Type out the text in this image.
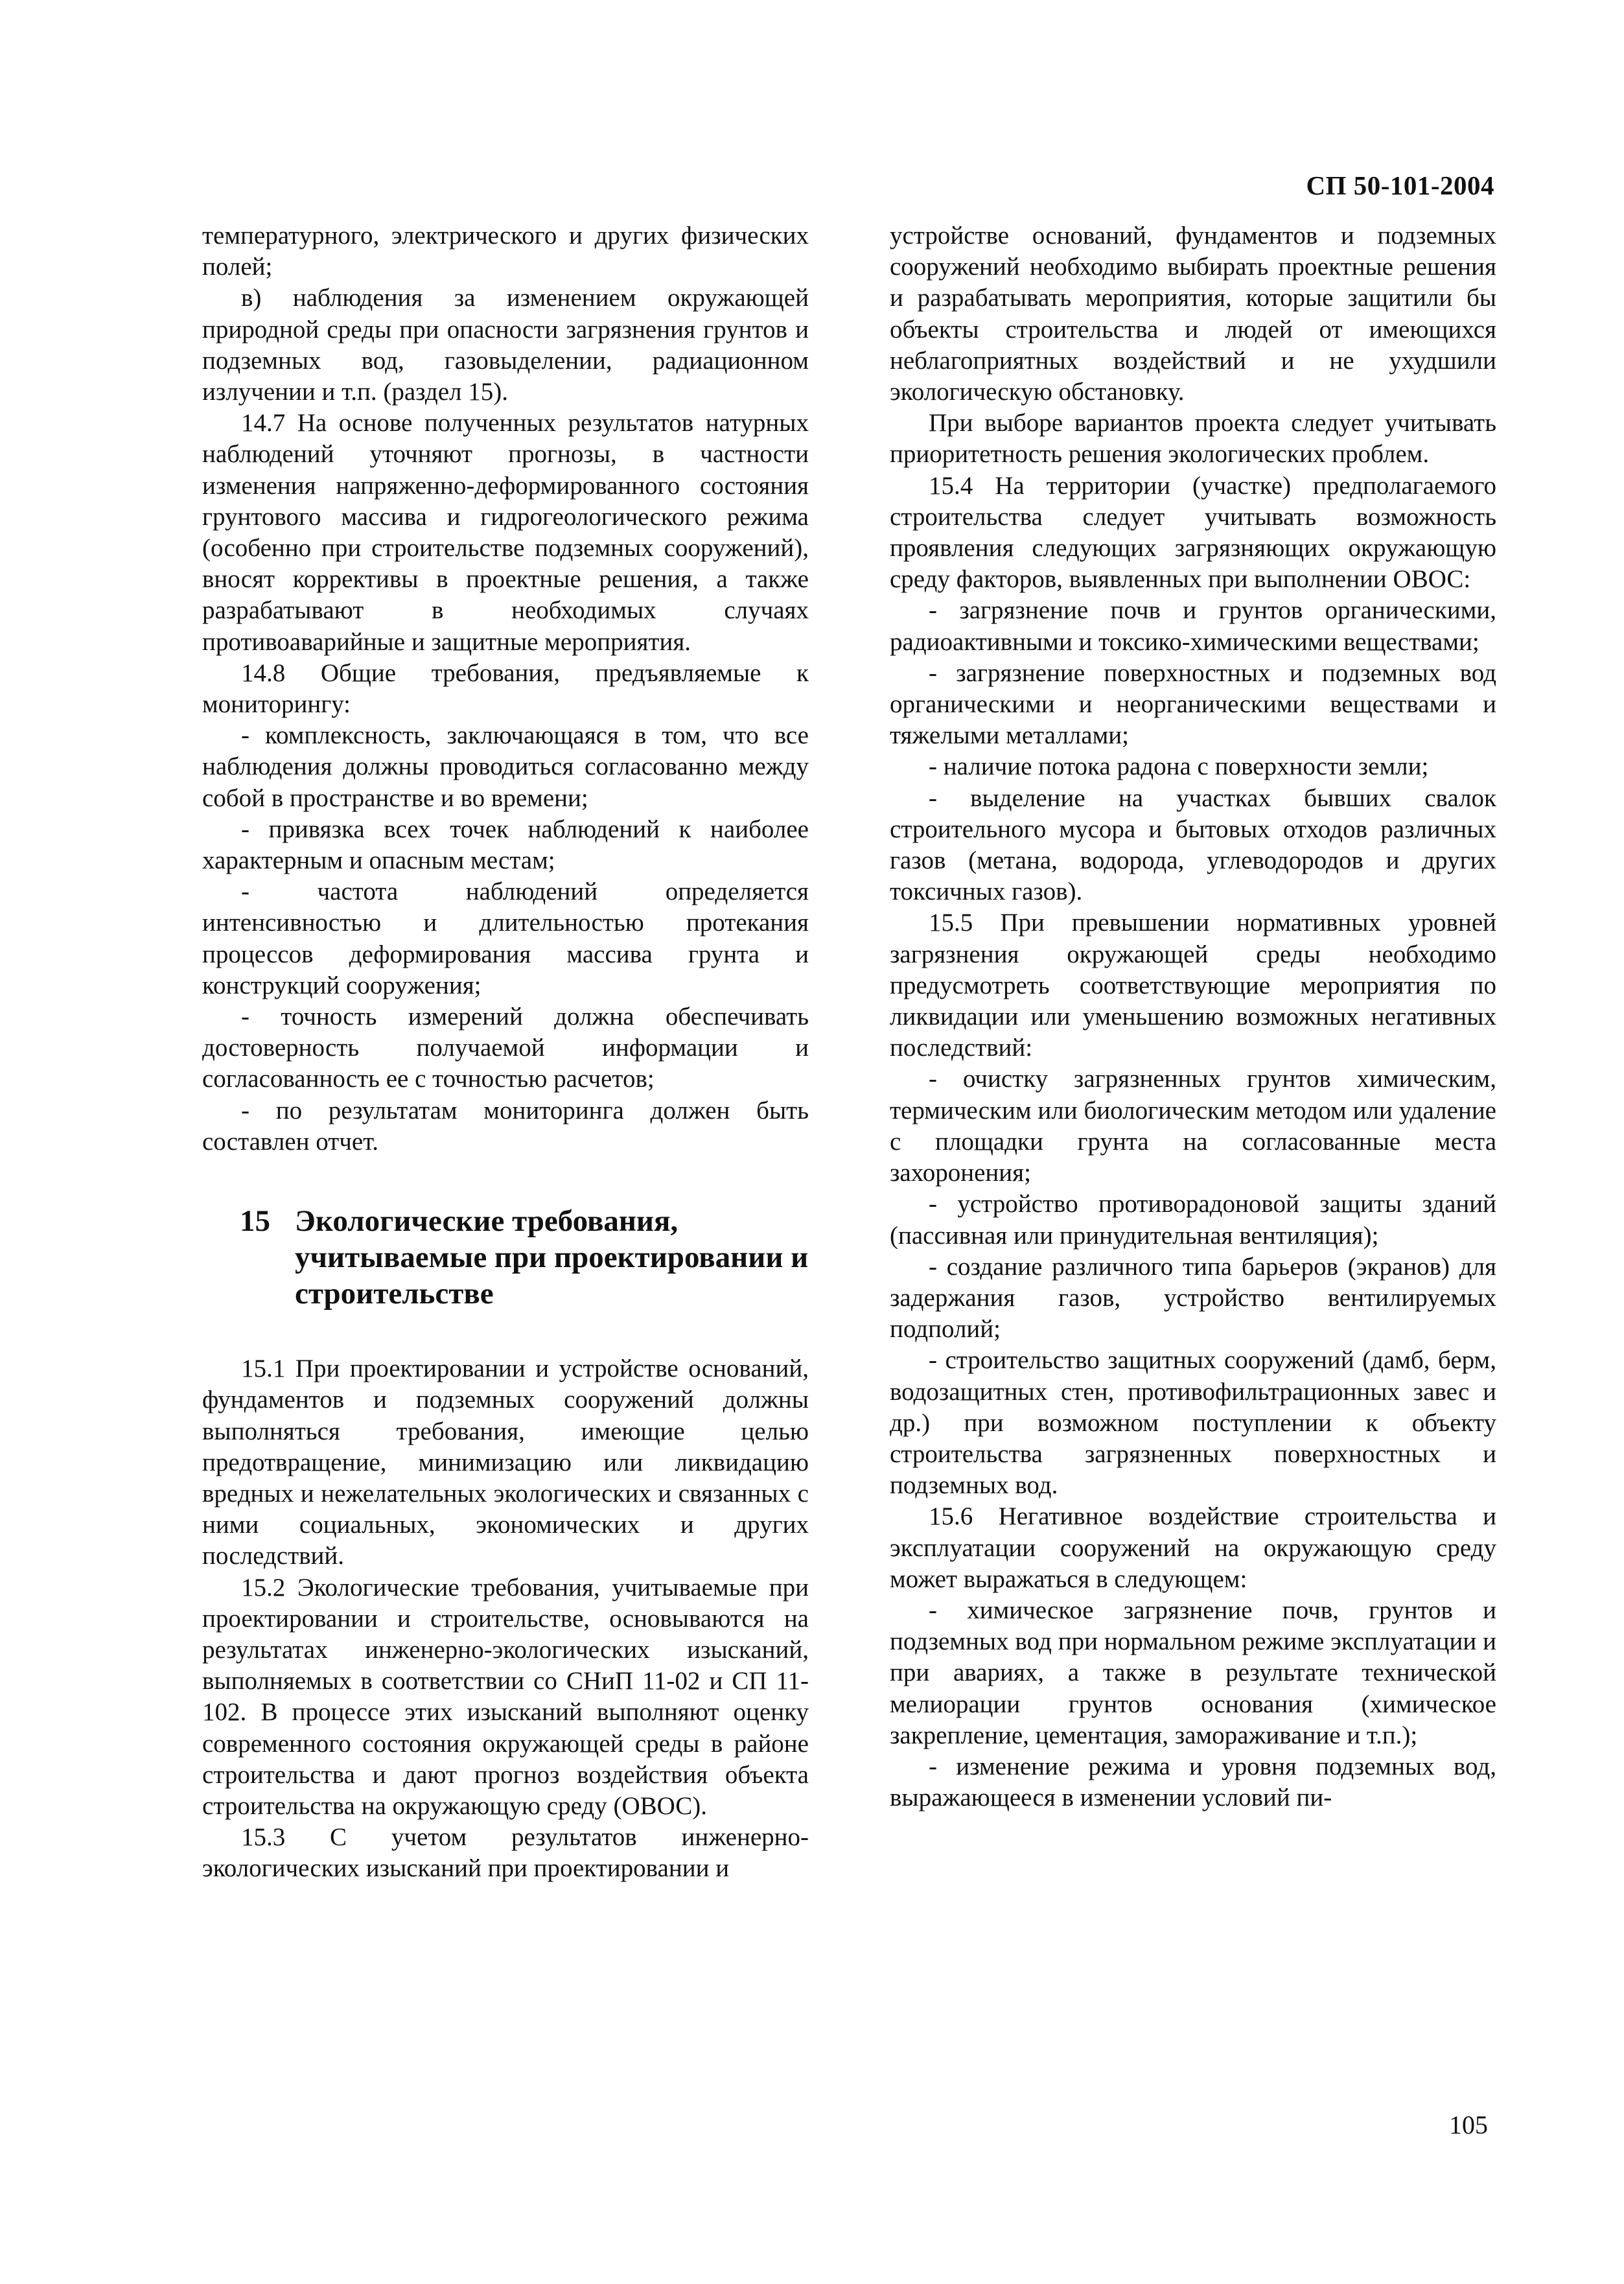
СП 50-101-2004

температурного, электрического и других физических полей;

в) наблюдения за изменением окружающей природной среды при опасности загрязнения грунтов и подземных вод, газовыделении, радиационном излучении и т.п. (раздел 15).

14.7 На основе полученных результатов натурных наблюдений уточняют прогнозы, в частности изменения напряженно-деформированного состояния грунтового массива и гидрогеологического режима (особенно при строительстве подземных сооружений), вносят коррективы в проектные решения, а также разрабатывают в необходимых случаях противоаварийные и защитные мероприятия.

14.8 Общие требования, предъявляемые к мониторингу:

- комплексность, заключающаяся в том, что все наблюдения должны проводиться согласованно между собой в пространстве и во времени;

- привязка всех точек наблюдений к наиболее характерным и опасным местам;

- частота наблюдений определяется интенсивностью и длительностью протекания процессов деформирования массива грунта и конструкций сооружения;

- точность измерений должна обеспечивать достоверность получаемой информации и согласованность ее с точностью расчетов;

- по результатам мониторинга должен быть составлен отчет.

15 Экологические требования, учитываемые при проектировании и строительстве

15.1 При проектировании и устройстве оснований, фундаментов и подземных сооружений должны выполняться требования, имеющие целью предотвращение, минимизацию или ликвидацию вредных и нежелательных экологических и связанных с ними социальных, экономических и других последствий.

15.2 Экологические требования, учитываемые при проектировании и строительстве, основываются на результатах инженерно-экологических изысканий, выполняемых в соответствии со СНиП 11-02 и СП 11-102. В процессе этих изысканий выполняют оценку современного состояния окружающей среды в районе строительства и дают прогноз воздействия объекта строительства на окружающую среду (ОВОС).

15.3 С учетом результатов инженерно-экологических изысканий при проектировании и

устройстве оснований, фундаментов и подземных сооружений необходимо выбирать проектные решения и разрабатывать мероприятия, которые защитили бы объекты строительства и людей от имеющихся неблагоприятных воздействий и не ухудшили экологическую обстановку.

При выборе вариантов проекта следует учитывать приоритетность решения экологических проблем.

15.4 На территории (участке) предполагаемого строительства следует учитывать возможность проявления следующих загрязняющих окружающую среду факторов, выявленных при выполнении ОВОС:

- загрязнение почв и грунтов органическими, радиоактивными и токсико-химическими веществами;

- загрязнение поверхностных и подземных вод органическими и неорганическими веществами и тяжелыми металлами;

- наличие потока радона с поверхности земли;

- выделение на участках бывших свалок строительного мусора и бытовых отходов различных газов (метана, водорода, углеводородов и других токсичных газов).

15.5 При превышении нормативных уровней загрязнения окружающей среды необходимо предусмотреть соответствующие мероприятия по ликвидации или уменьшению возможных негативных последствий:

- очистку загрязненных грунтов химическим, термическим или биологическим методом или удаление с площадки грунта на согласованные места захоронения;

- устройство противорадоновой защиты зданий (пассивная или принудительная вентиляция);

- создание различного типа барьеров (экранов) для задержания газов, устройство вентилируемых подполий;

- строительство защитных сооружений (дамб, берм, водозащитных стен, противофильтрационных завес и др.) при возможном поступлении к объекту строительства загрязненных поверхностных и подземных вод.

15.6 Негативное воздействие строительства и эксплуатации сооружений на окружающую среду может выражаться в следующем:

- химическое загрязнение почв, грунтов и подземных вод при нормальном режиме эксплуатации и при авариях, а также в результате технической мелиорации грунтов основания (химическое закрепление, цементация, замораживание и т.п.);

- изменение режима и уровня подземных вод, выражающееся в изменении условий пи-

105
